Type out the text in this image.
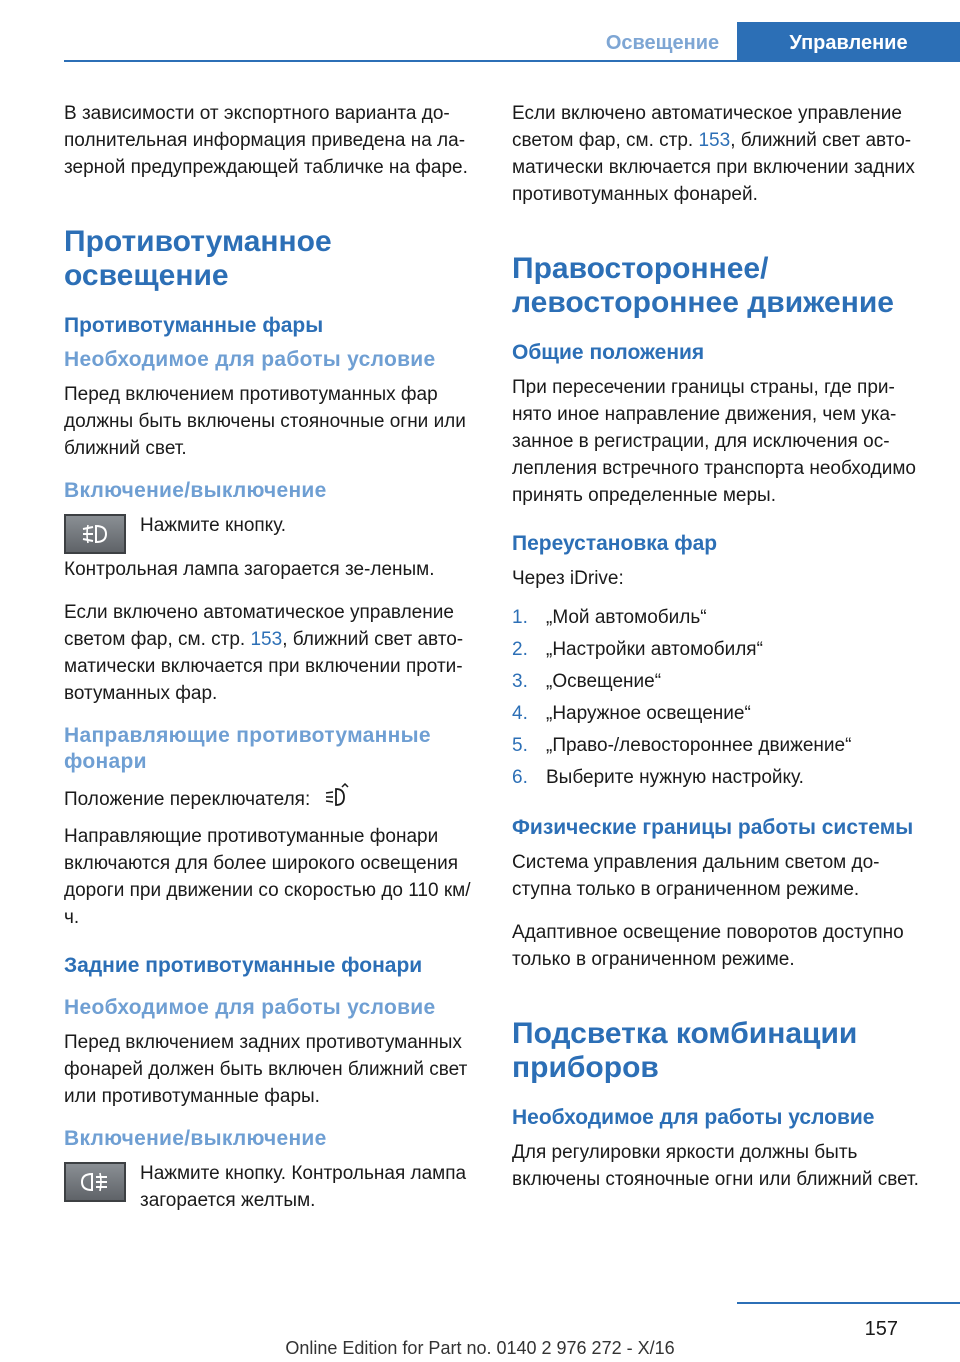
Освещение	Управление

В зависимости от экспортного варианта до-полнительная информация приведена на ла-зерной предупреждающей табличке на фаре.

Противотуманное освещение
Противотуманные фары
Необходимое для работы условие

Перед включением противотуманных фар должны быть включены стояночные огни или ближний свет.

Включение/выключение

Нажмите кнопку.

Контрольная лампа загорается зе-леным.

Если включено автоматическое управление светом фар, см. стр. 153, ближний свет авто-матически включается при включении проти-вотуманных фар.

Направляющие противотуманные фонари

Положение переключателя:

Направляющие противотуманные фонари включаются для более широкого освещения дороги при движении со скоростью до 110 км/ч.

Задние противотуманные фонари
Необходимое для работы условие

Перед включением задних противотуманных фонарей должен быть включен ближний свет или противотуманные фары.

Включение/выключение

Нажмите кнопку. Контрольная лампа загорается желтым.

Если включено автоматическое управление светом фар, см. стр. 153, ближний свет авто-матически включается при включении задних противотуманных фонарей.

Правостороннее/ левостороннее движение
Общие положения

При пересечении границы страны, где при-нято иное направление движения, чем ука-занное в регистрации, для исключения ос-лепления встречного транспорта необходимо принять определенные меры.

Переустановка фар

Через iDrive:

1. „Мой автомобиль“
2. „Настройки автомобиля“
3. „Освещение“
4. „Наружное освещение“
5. „Право-/левостороннее движение“
6. Выберите нужную настройку.
Физические границы работы системы

Система управления дальним светом до-ступна только в ограниченном режиме.

Адаптивное освещение поворотов доступно только в ограниченном режиме.

Подсветка комбинации приборов
Необходимое для работы условие

Для регулировки яркости должны быть включены стояночные огни или ближний свет.

157
Online Edition for Part no. 0140 2 976 272 - X/16
